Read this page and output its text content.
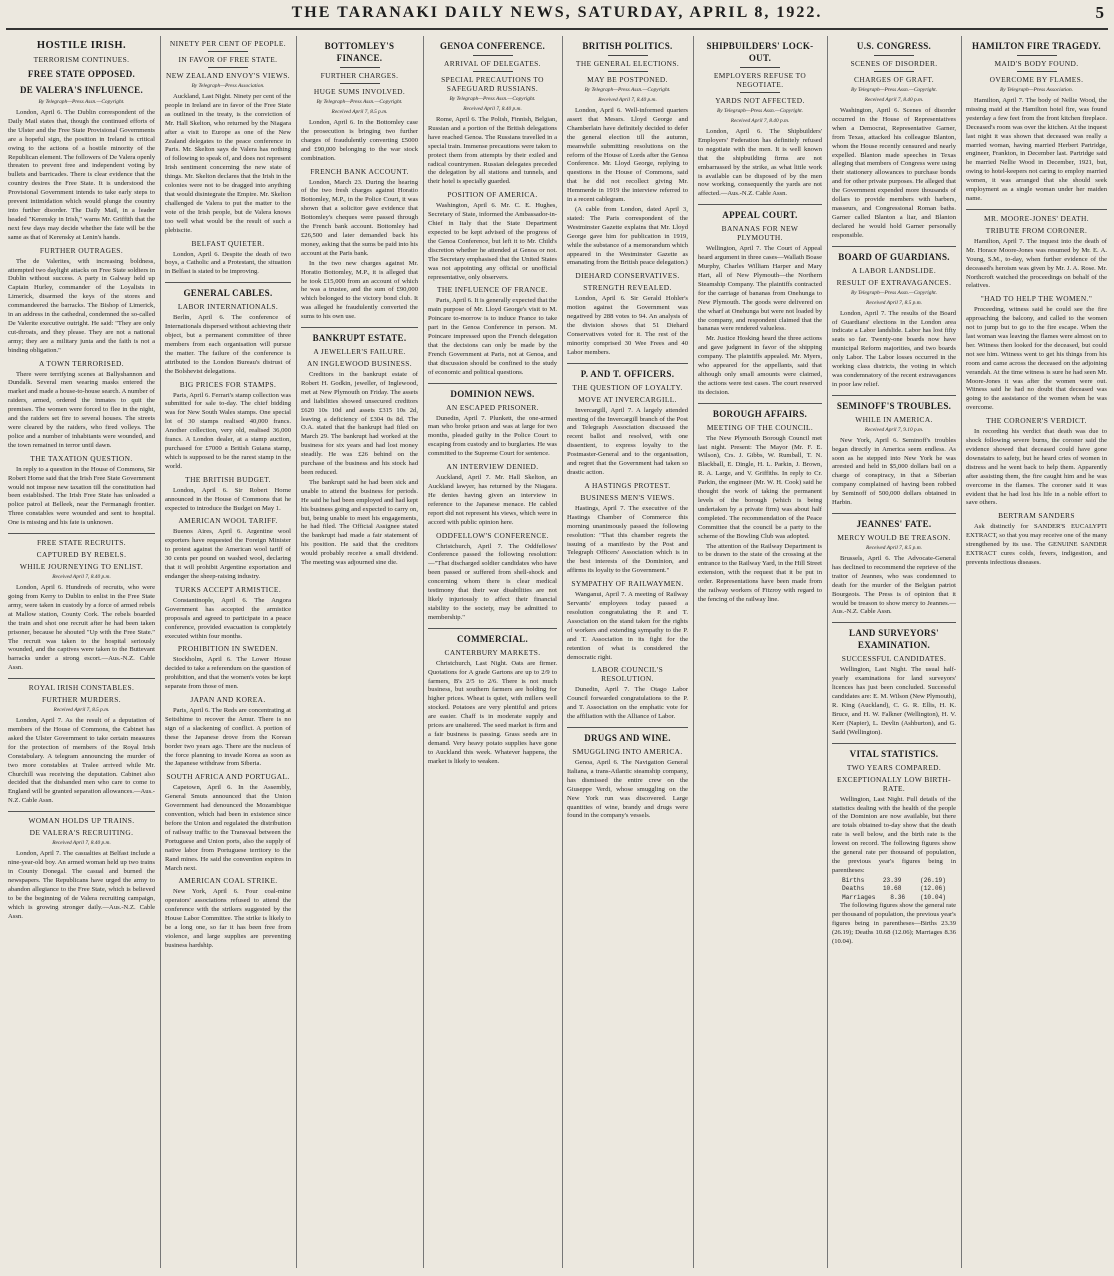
THE TARANAKI DAILY NEWS, SATURDAY, APRIL 8, 1922.	5
HOSTILE IRISH.
TERRORISM CONTINUES.
FREE STATE OPPOSED.
DE VALERA'S INFLUENCE.
By Telegraph—Press Assn.—Copyright.

London, April 6. The Dublin correspondent of the Daily Mail states that, though the continued efforts of the Ulster and the Free State Provisional Governments are a hopeful sign, the position in Ireland is critical owing to the actions of a hostile minority of the Republican element. The followers of De Valera openly threaten to prevent free and independent voting by bullets and barricades. There is clear evidence that the country desires the Free State. It is understood the Provisional Government intends to take early steps to prevent intimidation which would plunge the country into further disorder. The Daily Mail, in a leader headed "Kerensky in Irish," warns Mr. Griffith that the next few days may decide whether the fate will be the same as that of Kerensky at Lenin's hands.

FURTHER OUTRAGES.

The de Valerites, with increasing boldness, attempted two daylight attacks on Free State soldiers in Dublin without success. A party in Galway held up Captain Hurley, commander of the Loyalists in Limerick, disarmed the keys of the stores and commandeered the barracks. The Bishop of Limerick, in an address in the cathedral, condemned the so-called De Valerite executive outright. He said: "They are only cut-throats, and they please. They are not a national army; they are a military junta and the faith is not a binding obligation."

A TOWN TERRORISED.

There were terrifying scenes at Ballyshannon and Dundalk. Several men wearing masks entered the market and made a house-to-house search. A number of raiders, armed, ordered the inmates to quit the premises. The women were forced to flee in the night, and the raiders set fire to several houses. The streets were cleared by the raiders, who fired volleys. The police and a number of inhabitants were wounded, and the town remained in terror until dawn.

THE TAXATION QUESTION.

In reply to a question in the House of Commons, Sir Robert Horne said that the Irish Free State Government would not impose new taxation till the constitution had been established. The Irish Free State has unloaded a police patrol at Belleek, near the Fermanagh frontier. Three constables were wounded and sent to hospital. One is missing and his fate is unknown.

FREE STATE RECRUITS.
CAPTURED BY REBELS.
WHILE JOURNEYING TO ENLIST.
Received April 7, 8.40 p.m.

London, April 6. Hundreds of recruits, who were going from Kerry to Dublin to enlist in the Free State army, were taken in custody by a force of armed rebels at Mallow station, County Cork. The rebels boarded the train and shot one recruit after he had been taken prisoner, because he shouted "Up with the Free State." The recruit was taken to the hospital seriously wounded, and the captives were taken to the Buttevant barracks under a strong escort.—Aus.-N.Z. Cable Assn.

ROYAL IRISH CONSTABLES.
FURTHER MURDERS.
Received April 7, 8.5 p.m.

London, April 7. As the result of a deputation of members of the House of Commons, the Cabinet has asked the Ulster Government to take certain measures for the protection of members of the Royal Irish Constabulary. A telegram announcing the murder of two more constables at Tralee arrived while Mr. Churchill was receiving the deputation. Cabinet also decided that the disbanded men who care to come to England will be granted separation allowances.—Aus.-N.Z. Cable Assn.

WOMAN HOLDS UP TRAINS.
DE VALERA'S RECRUITING.
Received April 7, 8.40 p.m.

London, April 7. The casualties at Belfast include a nine-year-old boy. An armed woman held up two trains in County Donegal. The casual and burned the newspapers. The Republicans have urged the army to abandon allegiance to the Free State, which is believed to be the beginning of de Valera recruiting campaign, which is growing stronger daily.—Aus.-N.Z. Cable Assn.

NINETY PER CENT OF PEOPLE.
IN FAVOR OF FREE STATE.
NEW ZEALAND ENVOY'S VIEWS.
By Telegraph—Press Association.

Auckland, Last Night. Ninety per cent of the people in Ireland are in favor of the Free State as outlined in the treaty, is the conviction of Mr. Hall Skelton, who returned by the Niagara after a visit to Europe as one of the New Zealand delegates to the peace conference in Paris. Mr. Skelton says de Valera has nothing of following to speak of, and does not represent Irish sentiment concerning the new state of things. Mr. Skelton declares that the Irish in the colonies were not to be dragged into anything that would disintegrate the Empire. Mr. Skelton challenged de Valera to put the matter to the vote of the Irish people, but de Valera knows too well what would be the result of such a plebiscite.

BELFAST QUIETER.

London, April 6. Despite the death of two boys, a Catholic and a Protestant, the situation in Belfast is stated to be improving.

GENERAL CABLES.
LABOR INTERNATIONALS.

Berlin, April 6. The conference of Internationals dispersed without achieving their object, but a permanent committee of three members from each organisation will pursue the matter. The failure of the conference is attributed to the London Bureau's distrust of the Bolshevist delegations.

BIG PRICES FOR STAMPS.

Paris, April 6. Ferrari's stamp collection was submitted for sale to-day. The chief bidding was for New South Wales stamps. One special lot of 30 stamps realised 40,000 francs. Another collection, very old, realised 36,000 francs. A London dealer, at a stamp auction, purchased for £7000 a British Guiana stamp, which is supposed to be the rarest stamp in the world.

THE BRITISH BUDGET.

London, April 6. Sir Robert Horne announced in the House of Commons that he expected to introduce the Budget on May 1.

AMERICAN WOOL TARIFF.

Buenos Aires, April 6. Argentine wool exporters have requested the Foreign Minister to protest against the American wool tariff of 30 cents per pound on washed wool, declaring that it will prohibit Argentine exportation and endanger the sheep-raising industry.

TURKS ACCEPT ARMISTICE.

Constantinople, April 6. The Angora Government has accepted the armistice proposals and agreed to participate in a peace conference, provided evacuation is completely executed within four months.

PROHIBITION IN SWEDEN.

Stockholm, April 6. The Lower House decided to take a referendum on the question of prohibition, and that the women's votes be kept separate from those of men.

JAPAN AND KOREA.

Paris, April 6. The Reds are concentrating at Seitsihime to recover the Amur. There is no sign of a slackening of conflict. A portion of these the Japanese drove from the Korean border two years ago. There are the nucleus of the force planning to invade Korea as soon as the Japanese withdraw from Siberia.

SOUTH AFRICA AND PORTUGAL.

Capetown, April 6. In the Assembly, General Smuts announced that the Union Government had denounced the Mozambique convention, which had been in existence since before the Union and regulated the distribution of railway traffic to the Transvaal between the Portuguese and Union ports, also the supply of native labor from Portuguese territory to the Rand mines. He said the convention expires in March next.

AMERICAN COAL STRIKE.

New York, April 6. Four coal-mine operators' associations refused to attend the conference with the strikers suggested by the House Labor Committee. The strike is likely to be a long one, so far it has been free from violence, and large supplies are preventing business hardship.

BOTTOMLEY'S FINANCE.
FURTHER CHARGES.
HUGE SUMS INVOLVED.
By Telegraph—Press Assn.—Copyright.
Received April 7, 8.5 p.m.

London, April 6. In the Bottomley case the prosecution is bringing two further charges of fraudulently converting £5000 and £90,000 belonging to the war stock combination.

FRENCH BANK ACCOUNT.

London, March 23. During the hearing of the two fresh charges against Horatio Bottomley, M.P., in the Police Court, it was shown that a solicitor gave evidence that Bottomley's cheques were passed through the French bank account. Bottomley had £26,500 and later demanded back his money, asking that the sums be paid into his account at the Paris bank.

In the two new charges against Mr. Horatio Bottomley, M.P., it is alleged that he took £15,000 from an account of which he was a trustee, and the sum of £90,000 which belonged to the victory bond club. It was alleged he fraudulently converted the sums to his own use.

BANKRUPT ESTATE.
A JEWELLER'S FAILURE.
AN INGLEWOOD BUSINESS.

Creditors in the bankrupt estate of Robert H. Godkin, jeweller, of Inglewood, met at New Plymouth on Friday. The assets and liabilities showed unsecured creditors £620 10s 10d and assets £315 10s 2d, leaving a deficiency of £304 0s 8d. The O.A. stated that the bankrupt had filed on March 29. The bankrupt had worked at the business for six years and had lost money steadily. He was £26 behind on the purchase of the business and his stock had been reduced.

The bankrupt said he had been sick and unable to attend the business for periods. He said he had been employed and had kept his business going and expected to carry on, but, being unable to meet his engagements, he had filed. The Official Assignee stated the bankrupt had made a fair statement of his position. He said that the creditors would probably receive a small dividend. The meeting was adjourned sine die.

GENOA CONFERENCE.
ARRIVAL OF DELEGATES.
SPECIAL PRECAUTIONS TO SAFEGUARD RUSSIANS.
By Telegraph—Press Assn.—Copyright.
Received April 7, 8.40 p.m.

Rome, April 6. The Polish, Finnish, Belgian, Russian and a portion of the British delegations have reached Genoa. The Russians travelled in a special train. Immense precautions were taken to protect them from attempts by their exiled and radical countrymen. Russian delegates preceded the delegation by all stations and tunnels, and their hotel is specially guarded.

POSITION OF AMERICA.

Washington, April 6. Mr. C. E. Hughes, Secretary of State, informed the Ambassador-in-Chief in Italy that the State Department expected to be kept advised of the progress of the Genoa Conference, but left it to Mr. Child's discretion whether he attended at Genoa or not. The Secretary emphasised that the United States was not appointing any official or unofficial representative, only observers.

THE INFLUENCE OF FRANCE.

Paris, April 6. It is generally expected that the main purpose of Mr. Lloyd George's visit to M. Poincare to-morrow is to induce France to take part in the Genoa Conference in person. M. Poincare impressed upon the French delegation that the decisions can only be made by the French Government at Paris, not at Genoa, and that discussion should be confined to the study of economic and political questions.

DOMINION NEWS.
AN ESCAPED PRISONER.

Dunedin, April 7. Plunkett, the one-armed man who broke prison and was at large for two months, pleaded guilty in the Police Court to escaping from custody and to burglaries. He was committed to the Supreme Court for sentence.

AN INTERVIEW DENIED.

Auckland, April 7. Mr. Hall Skelton, an Auckland lawyer, has returned by the Niagara. He denies having given an interview in reference to the Japanese menace. He cabled report did not represent his views, which were in accord with public opinion here.

ODDFELLOW'S CONFERENCE.

Christchurch, April 7. The Oddfellows' Conference passed the following resolution:—"That discharged soldier candidates who have been passed or suffered from shell-shock and concerning whom there is clear medical testimony that their war disabilities are not likely injuriously to affect their financial stability to the society, may be admitted to membership."

COMMERCIAL.
CANTERBURY MARKETS.

Christchurch, Last Night. Oats are firmer. Quotations for A grade Gartons are up to 2/9 to farmers, B's 2/5 to 2/6. There is not much business, but southern farmers are holding for higher prices. Wheat is quiet, with millers well stocked. Potatoes are very plentiful and prices are easier. Chaff is in moderate supply and prices are unaltered. The seed market is firm and a fair business is passing. Grass seeds are in demand. Very heavy potato supplies have gone to Auckland this week. Whatever happens, the market is likely to weaken.

BRITISH POLITICS.
THE GENERAL ELECTIONS.
MAY BE POSTPONED.
By Telegraph—Press Assn.—Copyright.
Received April 7, 8.40 p.m.

London, April 6. Well-informed quarters assert that Messrs. Lloyd George and Chamberlain have definitely decided to defer the general election till the autumn, meanwhile submitting resolutions on the reform of the House of Lords after the Genoa Conference. Mr. Lloyd George, replying to questions in the House of Commons, said that he did not recollect giving Mr. Hemmerde in 1919 the interview referred to in a recent cablegram.

(A cable from London, dated April 3, stated: The Paris correspondent of the Westminster Gazette explains that Mr. Lloyd George gave him for publication in 1919, while the substance of a memorandum which appeared in the Westminster Gazette as emanating from the British peace delegation.)

DIEHARD CONSERVATIVES.
STRENGTH REVEALED.

London, April 6. Sir Gerald Hohler's motion against the Government was negatived by 288 votes to 94. An analysis of the division shows that 51 Diehard Conservatives voted for it. The rest of the minority comprised 30 Wee Frees and 40 Labor members.

P. AND T. OFFICERS.
THE QUESTION OF LOYALTY.
MOVE AT INVERCARGILL.

Invercargill, April 7. A largely attended meeting of the Invercargill branch of the Post and Telegraph Association discussed the recent ballot and resolved, with one dissentient, to express loyalty to the Postmaster-General and to the organisation, and regret that the Government had taken so drastic action.

A HASTINGS PROTEST.
BUSINESS MEN'S VIEWS.

Hastings, April 7. The executive of the Hastings Chamber of Commerce this morning unanimously passed the following resolution: "That this chamber regrets the issuing of a manifesto by the Post and Telegraph Officers' Association which is in the best interests of the Dominion, and affirms its loyalty to the Government."

SYMPATHY OF RAILWAYMEN.

Wanganui, April 7. A meeting of Railway Servants' employees today passed a resolution congratulating the P. and T. Association on the stand taken for the rights of workers and extending sympathy to the P. and T. Association in its fight for the retention of what is considered the democratic right.

LABOR COUNCIL'S RESOLUTION.

Dunedin, April 7. The Otago Labor Council forwarded congratulations to the P. and T. Association on the emphatic vote for the affiliation with the Alliance of Labor.

DRUGS AND WINE.
SMUGGLING INTO AMERICA.

Genoa, April 6. The Navigation General Italiana, a trans-Atlantic steamship company, has dismissed the entire crew on the Giuseppe Verdi, whose smuggling on the New York run was discovered. Large quantities of wine, brandy and drugs were found in the company's vessels.

SHIPBUILDERS' LOCK-OUT.
EMPLOYERS REFUSE TO NEGOTIATE.
YARDS NOT AFFECTED.
By Telegraph—Press Assn.—Copyright.
Received April 7, 8.40 p.m.

London, April 6. The Shipbuilders' Employers' Federation has definitely refused to negotiate with the men. It is well known that the shipbuilding firms are not embarrassed by the strike, as what little work is available can be disposed of by the men now working, consequently the yards are not affected.—Aus.-N.Z. Cable Assn.

APPEAL COURT.
BANANAS FOR NEW PLYMOUTH.

Wellington, April 7. The Court of Appeal heard argument in three cases—Wallath Boase Murphy, Charles William Harper and Mary Hart, all of New Plymouth—the Northern Steamship Company. The plaintiffs contracted for the carriage of bananas from Onehunga to New Plymouth. The goods were delivered on the wharf at Onehunga but were not loaded by the company, and respondent claimed that the bananas were rendered valueless.

Mr. Justice Hosking heard the three actions and gave judgment in favor of the shipping company. The plaintiffs appealed. Mr. Myers, who appeared for the appellants, said that although only small amounts were claimed, the actions were test cases. The court reserved its decision.

BOROUGH AFFAIRS.
MEETING OF THE COUNCIL.

The New Plymouth Borough Council met last night. Present: The Mayor (Mr. F. E. Wilson), Crs. J. Gibbs, W. Rumball, T. N. Blackball, E. Dingle, H. L. Parkin, J. Brown, R. A. Large, and V. Griffiths. In reply to Cr. Parkin, the engineer (Mr. W. H. Cook) said he thought the work of taking the permanent levels of the borough (which is being undertaken by a private firm) was about half completed. The recommendation of the Peace Committee that the council be a party to the scheme of the Bowling Club was adopted.

The attention of the Railway Department is to be drawn to the state of the crossing at the entrance to the Railway Yard, in the Hill Street extension, with the request that it be put in order. Representations have been made from the railway workers of Fitzroy with regard to the fencing of the railway line.

U.S. CONGRESS.
SCENES OF DISORDER.
CHARGES OF GRAFT.
By Telegraph—Press Assn.—Copyright.
Received April 7, 8.40 p.m.

Washington, April 6. Scenes of disorder occurred in the House of Representatives when a Democrat, Representative Garner, from Texas, attacked his colleague Blanton, whom the House recently censured and nearly expelled. Blanton made speeches in Texas alleging that members of Congress were using their stationery allowances to purchase bonds and for other private purposes. He alleged that the Government expended more thousands of dollars to provide members with barbers, masseurs, and Congressional Roman baths. Garner called Blanton a liar, and Blanton declared he would hold Garner personally responsible.

BOARD OF GUARDIANS.
A LABOR LANDSLIDE.
RESULT OF EXTRAVAGANCES.
By Telegraph—Press Assn.—Copyright.
Received April 7, 8.5 p.m.

London, April 7. The results of the Board of Guardians' elections in the London area indicate a Labor landslide. Labor has lost fifty seats so far. Twenty-one boards now have municipal Reform majorities, and two boards only Labor. The Labor losses occurred in the working class districts, the voting in which was condemnatory of the recent extravagances in poor law relief.

SEMINOFF'S TROUBLES.
WHILE IN AMERICA.
Received April 7, 9.10 p.m.

New York, April 6. Seminoff's troubles began directly in America seem endless. As soon as he stepped into New York he was arrested and held in $5,000 dollars bail on a charge of conspiracy, in that a Siberian company complained of having been robbed by Seminoff of 500,000 dollars obtained in Harbin.

JEANNES' FATE.
MERCY WOULD BE TREASON.
Received April 7, 8.5 p.m.

Brussels, April 6. The Advocate-General has declined to recommend the reprieve of the traitor of Jeannes, who was condemned to death for the murder of the Belgian patriot Bourgeois. The Press is of opinion that it would be treason to show mercy to Jeannes.—Aus.-N.Z. Cable Assn.

LAND SURVEYORS' EXAMINATION.
SUCCESSFUL CANDIDATES.

Wellington, Last Night. The usual half-yearly examinations for land surveyors' licences has just been concluded. Successful candidates are: E. M. Wilson (New Plymouth), R. King (Auckland), C. G. R. Ellis, H. K. Bruce, and H. W. Falkner (Wellington), H. V. Kerr (Napier), L. Devlin (Ashburton), and G. Sadd (Wellington).

VITAL STATISTICS.
TWO YEARS COMPARED.
EXCEPTIONALLY LOW BIRTH-RATE.

Wellington, Last Night. Full details of the statistics dealing with the health of the people of the Dominion are now available, but there are totals obtained to-day show that the death rate is well below, and the birth rate is the lowest on record. The following figures show the general rate per thousand of population, the previous year's figures being in parentheses:

Births	23.39	(26.19)
Deaths	10.68	(12.06)
Marriages 8.36 (10.04)

The following figures show the general rate per thousand of population, the previous year's figures being in parentheses—Births 23.39 (26.19); Deaths 10.68 (12.06); Marriages 8.36 (10.04).

HAMILTON FIRE TRAGEDY.
MAID'S BODY FOUND.
OVERCOME BY FLAMES.
By Telegraph—Press Association.

Hamilton, April 7. The body of Nellie Wood, the missing maid at the Hamilton hotel fire, was found yesterday a few feet from the front kitchen fireplace. Deceased's room was over the kitchen. At the inquest last night it was shown that deceased was really a married woman, having married Herbert Partridge, engineer, Frankton, in December last. Partridge said he married Nellie Wood in December, 1921, but, owing to hotel-keepers not caring to employ married women, it was arranged that she should seek employment as a single woman under her maiden name.

MR. MOORE-JONES' DEATH.
TRIBUTE FROM CORONER.

Hamilton, April 7. The inquest into the death of Mr. Horace Moore-Jones was resumed by Mr. E. A. Young, S.M., to-day, when further evidence of the deceased's heroism was given by Mr. J. A. Rose. Mr. Northcroft watched the proceedings on behalf of the relatives.

"HAD TO HELP THE WOMEN."

Proceeding, witness said he could see the fire approaching the balcony, and called to the women not to jump but to go to the fire escape. When the last woman was leaving the flames were almost on to her. Witness then looked for the deceased, but could not see him. Witness went to get his things from his room and came across the deceased on the adjoining verandah. At the time witness is sure he had seen Mr. Moore-Jones it was after the women were out. Witness said he had no doubt that deceased was going to the assistance of the women when he was overcome.

THE CORONER'S VERDICT.

In recording his verdict that death was due to shock following severe burns, the coroner said the evidence showed that deceased could have gone downstairs to safety, but he heard cries of women in distress and he went back to help them. Apparently after assisting them, the fire caught him and he was overcome in the flames. The coroner said it was evident that he had lost his life in a noble effort to save others.

BERTRAM SANDERS

Ask distinctly for SANDER'S EUCALYPTI EXTRACT, so that you may receive one of the many strengthened by its use. The GENUINE SANDER EXTRACT cures colds, fevers, indigestion, and prevents infectious diseases.
